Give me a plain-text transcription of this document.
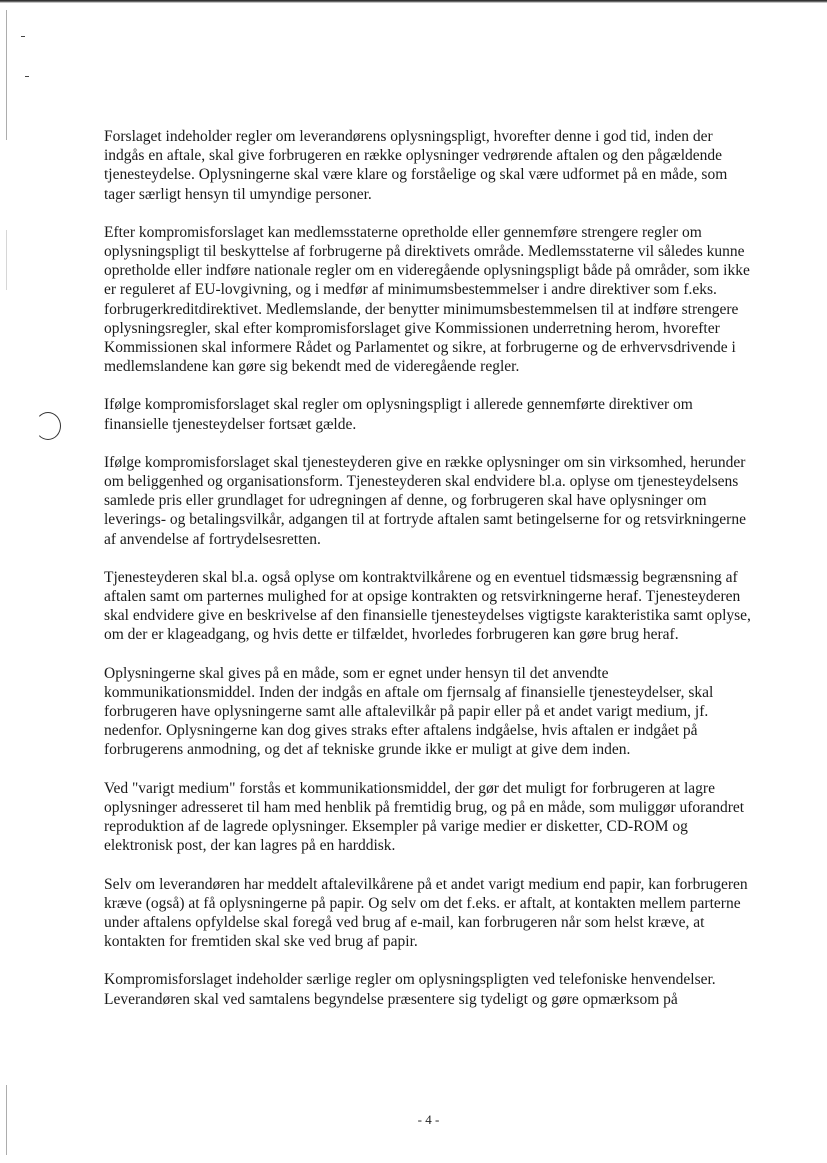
Forslaget indeholder regler om leverandørens oplysningspligt, hvorefter denne i god tid, inden der indgås en aftale, skal give forbrugeren en række oplysninger vedrørende aftalen og den pågældende tjenesteydelse. Oplysningerne skal være klare og forståelige og skal være udformet på en måde, som tager særligt hensyn til umyndige personer.

Efter kompromisforslaget kan medlemsstaterne opretholde eller gennemføre strengere regler om oplysningspligt til beskyttelse af forbrugerne på direktivets område. Medlemsstaterne vil således kunne opretholde eller indføre nationale regler om en videregående oplysningspligt både på områder, som ikke er reguleret af EU-lovgivning, og i medfør af minimumsbestemmelser i andre direktiver som f.eks. forbrugerkreditdirektivet. Medlemslande, der benytter minimumsbestemmelsen til at indføre strengere oplysningsregler, skal efter kompromisforslaget give Kommissionen underretning herom, hvorefter Kommissionen skal informere Rådet og Parlamentet og sikre, at forbrugerne og de erhvervsdrivende i medlemslandene kan gøre sig bekendt med de videregående regler.

Ifølge kompromisforslaget skal regler om oplysningspligt i allerede gennemførte direktiver om finansielle tjenesteydelser fortsæt gælde.

Ifølge kompromisforslaget skal tjenesteyderen give en række oplysninger om sin virksomhed, herunder om beliggenhed og organisationsform. Tjenesteyderen skal endvidere bl.a. oplyse om tjenesteydelsens samlede pris eller grundlaget for udregningen af denne, og forbrugeren skal have oplysninger om leverings- og betalingsvilkår, adgangen til at fortryde aftalen samt betingelserne for og retsvirkningerne af anvendelse af fortrydelsesretten.

Tjenesteyderen skal bl.a. også oplyse om kontraktvilkårene og en eventuel tidsmæssig begrænsning af aftalen samt om parternes mulighed for at opsige kontrakten og retsvirkningerne heraf. Tjenesteyderen skal endvidere give en beskrivelse af den finansielle tjenesteydelses vigtigste karakteristika samt oplyse, om der er klageadgang, og hvis dette er tilfældet, hvorledes forbrugeren kan gøre brug heraf.

Oplysningerne skal gives på en måde, som er egnet under hensyn til det anvendte kommunikationsmiddel. Inden der indgås en aftale om fjernsalg af finansielle tjenesteydelser, skal forbrugeren have oplysningerne samt alle aftalevilkår på papir eller på et andet varigt medium, jf. nedenfor. Oplysningerne kan dog gives straks efter aftalens indgåelse, hvis aftalen er indgået på forbrugerens anmodning, og det af tekniske grunde ikke er muligt at give dem inden.

Ved "varigt medium" forstås et kommunikationsmiddel, der gør det muligt for forbrugeren at lagre oplysninger adresseret til ham med henblik på fremtidig brug, og på en måde, som muliggør uforandret reproduktion af de lagrede oplysninger. Eksempler på varige medier er disketter, CD-ROM og elektronisk post, der kan lagres på en harddisk.

Selv om leverandøren har meddelt aftalevilkårene på et andet varigt medium end papir, kan forbrugeren kræve (også) at få oplysningerne på papir. Og selv om det f.eks. er aftalt, at kontakten mellem parterne under aftalens opfyldelse skal foregå ved brug af e-mail, kan forbrugeren når som helst kræve, at kontakten for fremtiden skal ske ved brug af papir.

Kompromisforslaget indeholder særlige regler om oplysningspligten ved telefoniske henvendelser. Leverandøren skal ved samtalens begyndelse præsentere sig tydeligt og gøre opmærksom på

- 4 -
